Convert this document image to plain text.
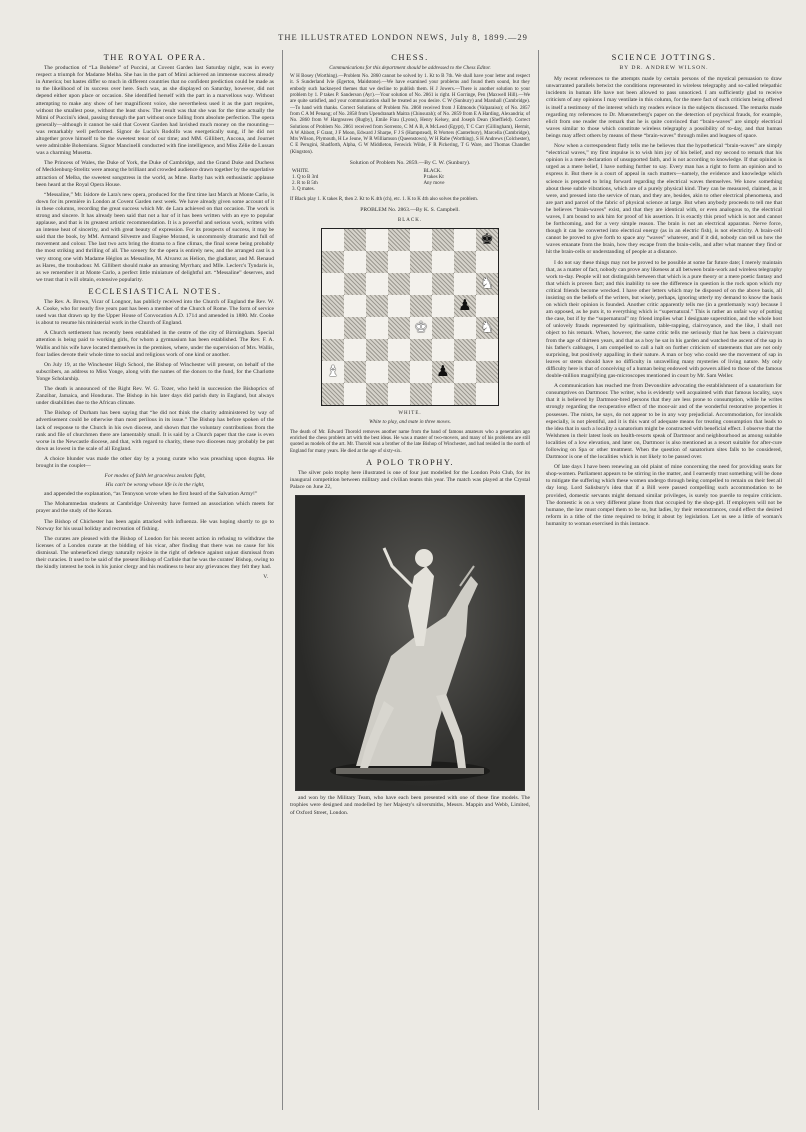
THE ILLUSTRATED LONDON NEWS, July 8, 1899.—29
THE ROYAL OPERA.

The production of “La Bohème” of Puccini, at Covent Garden last Saturday night, was in every respect a triumph for Madame Melba. She has in the part of Mimi achieved an immense success already in America; but hastes differ so much in different countries that no confident prediction could be made as to the likelihood of its success over here. Such was, as she displayed on Saturday, however, did not depend either upon place or occasion. She identified herself with the part in a marvellous way. Without attempting to make any show of her magnificent voice, she nevertheless used it as the part requires, without the smallest pose, without the least show. The result was that she was for the time actually the Mimi of Puccini's ideal, passing through the part without once falling from absolute perfection. The opera generally—although it cannot be said that Covent Garden had lavished much money on the mounting—was remarkably well performed. Signor de Lucia's Rodolfo was energetically sung, if he did not altogether prove himself to be the sweetest tenor of our time; and MM. Gillibert, Ancona, and Journet were admirable Bohemians. Signor Mancinelli conducted with fine intelligence, and Miss Zélie de Lussan was a charming Musetta.

The Princess of Wales, the Duke of York, the Duke of Cambridge, and the Grand Duke and Duchess of Mecklenburg-Strelitz were among the brilliant and crowded audience drawn together by the superlative attraction of Melba, the sweetest songstress in the world, as Mme. Barby has with enthusiastic applause been heard at the Royal Opera House.

“Messaline,” Mr. Isidore de Lara's new opera, produced for the first time last March at Monte Carlo, is down for its première in London at Covent Garden next week. We have already given some account of it in these columns, recording the great success which Mr. de Lara achieved on that occasion. The work is strong and sincere. It has already been said that not a bar of it has been written with an eye to popular applause, and that is its greatest artistic recommendation. It is a powerful and serious work, written with an intense heat of sincerity, and with great beauty of expression. For its prospects of success, it may be said that the book, by MM. Armand Silvestre and Eugène Morand, is uncommonly dramatic and full of movement and colour. The last two acts bring the drama to a fine climax, the final scene being probably the most striking and thrilling of all. The scenery for the opera is entirely new, and the arranged cast is a very strong one with Madame Héglon as Messaline, M. Alvarez as Helion, the gladiator, and M. Renaud as Hares, the troubadour. M. Gillibert should make an amusing Myrrhan; and Mlle. Leclerc's Tyndaris is, as we remember it at Monte Carlo, a perfect little miniature of delightful art. “Messaline” deserves, and we trust that it will obtain, extensive popularity.

ECCLESIASTICAL NOTES.

The Rev. A. Brown, Vicar of Longnor, has publicly received into the Church of England the Rev. W. A. Cooke, who for nearly five years past has been a member of the Church of Rome. The form of service used was that drawn up by the Upper House of Convocation A.D. 1714 and amended in 1880. Mr. Cooke is about to resume his ministerial work in the Church of England.

A Church settlement has recently been established in the centre of the city of Birmingham. Special attention is being paid to working girls, for whom a gymnasium has been established. The Rev. F. A. Wallis and his wife have located themselves in the premises, where, under the supervision of Mrs. Wallis, four ladies devote their whole time to social and religious work of one kind or another.

On July 19, at the Winchester High School, the Bishop of Winchester will present, on behalf of the subscribers, an address to Miss Yonge, along with the names of the donors to the fund, for the Charlotte Yonge Scholarship.

The death is announced of the Right Rev. W. G. Tozer, who held in succession the Bishoprics of Zanzibar, Jamaica, and Honduras. The Bishop in his later days did parish duty in England, but always under disabilities due to the African climate.

The Bishop of Durham has been saying that “he did not think the charity administered by way of advertisement could be otherwise than most perilous in its issue.” The Bishop has before spoken of the lack of response to the Church in his own diocese, and shown that the voluntary contributions from the rank and file of churchmen there are lamentably small. It is said by a Church paper that the case is even worse in the Newcastle diocese, and that, with regard to charity, these two dioceses may probably be put down as lowest in the scale of all England.

A choice blunder was made the other day by a young curate who was preaching upon dogma. He brought in the couplet—

For modes of faith let graceless zealots fight,
His can't be wrong whose life is in the right,

and appended the explanation, “as Tennyson wrote when he first heard of the Salvation Army!”

The Mohammedan students at Cambridge University have formed an association which meets for prayer and the study of the Koran.

The Bishop of Chichester has been again attacked with influenza. He was hoping shortly to go to Norway for his usual holiday and recreation of fishing.

The curates are pleased with the Bishop of London for his recent action in refusing to withdraw the licenses of a London curate at the bidding of his vicar, after finding that there was no cause for his dismissal. The unbeneficed clergy naturally rejoice in the right of defence against unjust dismissal from their curacies. It used to be said of the present Bishop of Carlisle that he was the curates' Bishop, owing to the kindly interest he took in his junior clergy and his readiness to hear any grievances they felt they had.

V.
CHESS.
Communications for this department should be addressed to the Chess Editor.
W H Bosey (Worthing).—Problem No. 2860 cannot be solved by 1. Kt to B 7th. We shall have your letter and respect it. S Sunderland Ivie (Egerton, Maidstone).—We have examined your problems and found them sound, but they embody such hackneyed themes that we decline to publish them. H J Jowers.—There is another solution to your problem by 1. P takes P. Sanderson (Ayr).—Your solution of No. 2861 is right. H Gorringe, Pen (Maxwell Hill).—We are quite satisfied, and your communication shall be treated as you desire. C W (Sunbury) and Marshall (Cambridge).—To hand with thanks. Correct Solutions of Problem No. 2860 received from J Edmonds (Valparaiso); of No. 2857 from C A M Penang; of No. 2858 from Upendranath Maitra (Chinsurah); of No. 2859 from E A Harding, Alexandria; of No. 2860 from W Hargreaves (Rugby), Emile Frau (Lyons), Henry Kelsey, and Joseph Dean (Sheffield). Correct Solutions of Problem No. 2861 received from Sorrento, C M A B, A McLeod (Egypt), T C Carr (Gillingham), Hermit, A W Ahbott, F Grant, J F Moon, Edward J Sharpe, F J S (Hampstead), R Worters (Canterbury), Marcella (Cambridge), Mrs Wilson, Plymouth, H Le Jeune, W R Williamson (Queenstown), W H Rabe (Worthing), S H Andrews (Colchester), C E Perugini, Shadforth, Alpha, G W Middleton, Fenwick Wilde, F R Pickering, T G Ware, and Thomas Chandler (Kingston).
Solution of Problem No. 2859.—By C. W. (Sunbury).
WHITE.	BLACK.
1. Q to B 3rd	P takes Kt
2. R to B 5th	Any move
3. Q mates.	
If Black play 1. K takes R, then 2. Kt to K 4th (ch), etc. 1. K to K 4th also solves the problem.
PROBLEM No. 2863.—By K. S. Campbell.
BLACK.
♚
♞
♟
♚	♞
♝	♟
WHITE.
White to play, and mate in three moves.
The death of Mr. Edward Thorold removes another name from the band of famous amateurs who a generation ago enriched the chess problem art with the best ideas. He was a master of two-movers, and many of his problems are still quoted as models of the art. Mr. Thorold was a brother of the late Bishop of Winchester, and had resided in the north of England for many years. He died at the age of sixty-six.
A POLO TROPHY.

The silver polo trophy here illustrated is one of four just modelled for the London Polo Club, for its inaugural competition between military and civilian teams this year. The match was played at the Crystal Palace on June 22,

and won by the Military Team, who have each been presented with one of these fine models. The trophies were designed and modelled by her Majesty's silversmiths, Messrs. Mappin and Webb, Limited, of Oxford Street, London.

SCIENCE JOTTINGS.
BY DR. ANDREW WILSON.

My recent references to the attempts made by certain persons of the mystical persuasion to draw unwarranted parallels betwixt the conditions represented in wireless telegraphy and so-called telepathic incidents in human life have not been allowed to pass unnoticed. I am sufficiently glad to receive criticism of any opinions I may ventilate in this column, for the mere fact of such criticism being offered is itself a testimony of the interest which my readers evince in the subjects discussed. The remarks made regarding my references to Dr. Muensterberg's paper on the detection of psychical frauds, for example, elicit from one reader the remark that he is quite convinced that “brain-waves” are simply electrical waves similar to those which constitute wireless telegraphy a possibility of to-day, and that human beings may affect others by means of these “brain-waves” through miles and leagues of space.

Now when a correspondent flatly tells me he believes that the hypothetical “brain-waves” are simply “electrical waves,” my first impulse is to wish him joy of his belief, and my second to remark that his opinion is a mere declaration of unsupported faith, and is not according to knowledge. If that opinion is urged as a mere belief, I have nothing further to say. Every man has a right to form an opinion and to express it. But there is a court of appeal in such matters—namely, the evidence and knowledge which science is prepared to bring forward regarding the electrical waves themselves. We know something about these subtle vibrations, which are of a purely physical kind. They can be measured, claimed, as it were, and pressed into the service of man, and they are, besides, akin to other electrical phenomena, and are part and parcel of the fabric of physical science at large. But when anybody proceeds to tell me that he believes “brain-waves” exist, and that they are identical with, or even analogous to, the electrical waves, I am bound to ask him for proof of his assertion. It is exactly this proof which is not and cannot be forthcoming, and for a very simple reason. The brain is not an electrical apparatus. Nerve force, though it can be converted into electrical energy (as in an electric fish), is not electricity. A brain-cell cannot be proved to give forth to space any “waves” whatever, and if it did, nobody can tell us how the waves emanate from the brain, how they escape from the brain-cells, and after what manner they find or hit the brain-cells or understanding of people at a distance.

I do not say these things may not be proved to be possible at some far future date; I merely maintain that, as a matter of fact, nobody can prove any likeness at all between brain-work and wireless telegraphy work to-day. People will not distinguish between that which is a pure theory or a mere poetic fantasy and that which is proven fact; and this inability to see the difference in question is the rock upon which my critical friends become wrecked. I have other letters which may be disposed of on the above basis, all insisting on the beliefs of the writers, but wisely, perhaps, ignoring utterly my demand to know the basis on which their opinion is founded. Another critic apparently tells me (in a gentlemanly way) because I am opposed, as he puts it, to everything which is “supernatural.” This is rather an unfair way of putting the case, but if by the “supernatural” my friend implies what I designate superstition, and the whole host of unlovely frauds represented by spiritualism, table-rapping, clairvoyance, and the like, I shall not object to his remark. When, however, the same critic tells me seriously that he has been a clairvoyant from the age of thirteen years, and that as a boy he sat in his garden and watched the ascent of the sap in his father's cabbages, I am compelled to call a halt on further criticism of statements that are not only surprising, but positively appalling in their nature. A man or boy who could see the movement of sap in leaves or stems should have no difficulty in unravelling many mysteries of living nature. My only difficulty here is that of conceiving of a human being endowed with powers allied to those of the famous double-million magnifying gas-microscopes mentioned in court by Mr. Sam Weller.

A communication has reached me from Devonshire advocating the establishment of a sanatorium for consumptives on Dartmoor. The writer, who is evidently well acquainted with that famous locality, says that it is believed by Dartmoor-bred persons that they are less prone to consumption, while he writes strongly regarding the recuperative effect of the moor-air and of the wonderful restorative properties it possesses. The mists, he says, do not appear to be in any way prejudicial. Accommodation, for invalids especially, is not plentiful, and it is this want of adequate means for treating consumption that leads to the idea that in such a locality a sanatorium might be constructed with beneficial effect. I observe that the Welshmen in their latest look on health-resorts speak of Dartmoor and neighbourhood as among suitable localities of a low elevation, and later on, Dartmoor is also mentioned as a resort suitable for after-cure following on Spa or other treatment. When the question of sanatorium sites falls to be considered, Dartmoor is one of the localities which is not likely to be passed over.

Of late days I have been renewing an old plaint of mine concerning the need for providing seats for shop-women. Parliament appears to be stirring in the matter, and I earnestly trust something will be done to mitigate the suffering which these women undergo through being compelled to remain on their feet all day long. Lord Salisbury's idea that if a Bill were passed compelling such accommodation to be provided, domestic servants might demand similar privileges, is surely too puerile to require criticism. The domestic is on a very different plane from that occupied by the shop-girl. If employers will not be humane, the law must compel them to be so, but ladies, by their remonstrances, could effect the desired reform in a tithe of the time required to bring it about by legislation. Let us see a little of woman's humanity to woman exercised in this instance.
